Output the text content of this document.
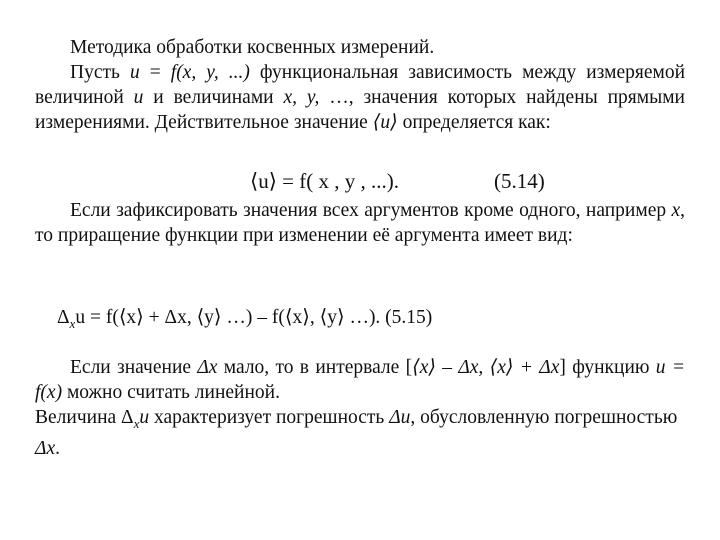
Методика обработки косвенных измерений.

Пусть u = f(x, y, ...) функциональная зависимость между измеряемой величиной u и величинами x, y, …, значения которых найдены прямыми измерениями. Действительное значение ⟨u⟩ определяется как:

⟨u⟩ = f( x , y , ...).	(5.14)

Если зафиксировать значения всех аргументов кроме одного, например x, то приращение функции при изменении её аргумента имеет вид:

$\Delta_xu$ = f(⟨x⟩ + Δx, ⟨y⟩ …) – f(⟨x⟩, ⟨y⟩ …). (5.15)

Если значение Δx мало, то в интервале [⟨x⟩ – Δx, ⟨x⟩ + Δx] функцию u = f(x) можно считать линейной.

Величина $\Delta_xu$ характеризует погрешность Δu, обусловленную погрешностью Δx.
